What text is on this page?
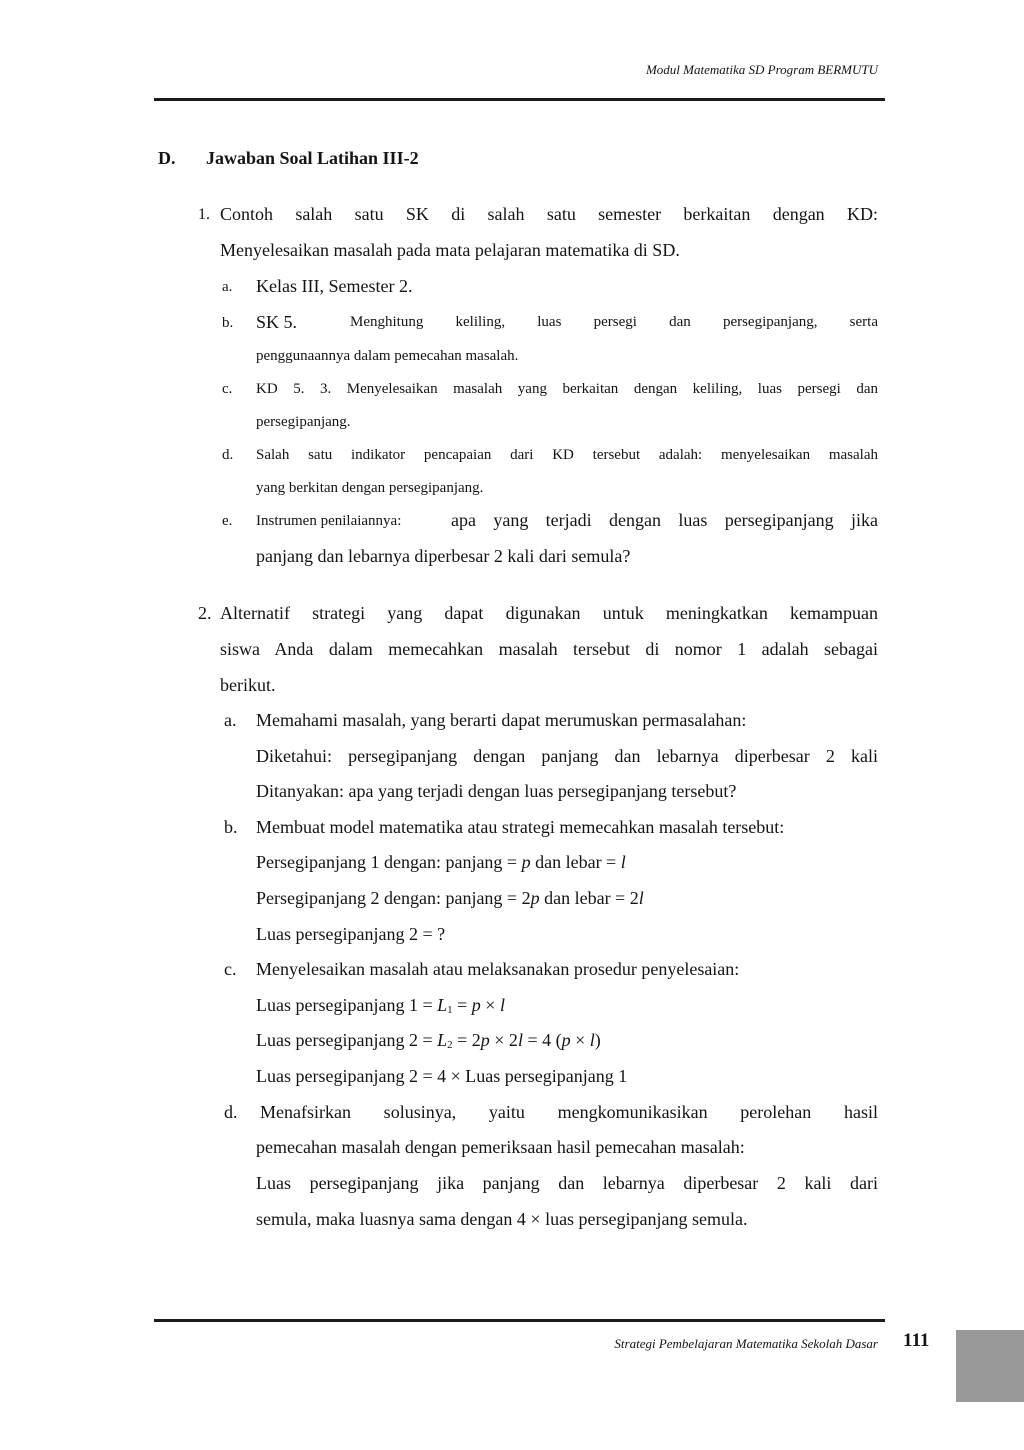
Modul Matematika SD Program BERMUTU
D. Jawaban Soal Latihan III-2
1. Contoh salah satu SK di salah satu semester berkaitan dengan KD:
Menyelesaikan masalah pada mata pelajaran matematika di SD.
a. Kelas III, Semester 2.
b. SK 5.	Menghitung keliling, luas persegi dan persegipanjang, serta
penggunaannya dalam pemecahan masalah.
c. KD 5. 3. Menyelesaikan masalah yang berkaitan dengan keliling, luas persegi dan
persegipanjang.
d. Salah satu indikator pencapaian dari KD tersebut adalah: menyelesaikan masalah
yang berkitan dengan persegipanjang.
e. Instrumen penilaiannya:	apa yang terjadi dengan luas persegipanjang jika
panjang dan lebarnya diperbesar 2 kali dari semula?
2. Alternatif strategi yang dapat digunakan untuk meningkatkan kemampuan
siswa Anda dalam memecahkan masalah tersebut di nomor 1 adalah sebagai
berikut.
a. Memahami masalah, yang berarti dapat merumuskan permasalahan:
Diketahui: persegipanjang dengan panjang dan lebarnya diperbesar 2 kali
Ditanyakan: apa yang terjadi dengan luas persegipanjang tersebut?
b. Membuat model matematika atau strategi memecahkan masalah tersebut:
Persegipanjang 1 dengan: panjang = p dan lebar = l
Persegipanjang 2 dengan: panjang = 2p dan lebar = 2l
Luas persegipanjang 2 = ?
c. Menyelesaikan masalah atau melaksanakan prosedur penyelesaian:
Luas persegipanjang $1 = L_1 = p \times l$
Luas persegipanjang $2 = L_2 = 2p \times 2l = 4$ (p × l)
Luas persegipanjang 2 = 4 × Luas persegipanjang 1
d. Menafsirkan solusinya, yaitu mengkomunikasikan perolehan hasil
pemecahan masalah dengan pemeriksaan hasil pemecahan masalah:
Luas persegipanjang jika panjang dan lebarnya diperbesar 2 kali dari
semula, maka luasnya sama dengan 4 × luas persegipanjang semula.
Strategi Pembelajaran Matematika Sekolah Dasar 111
